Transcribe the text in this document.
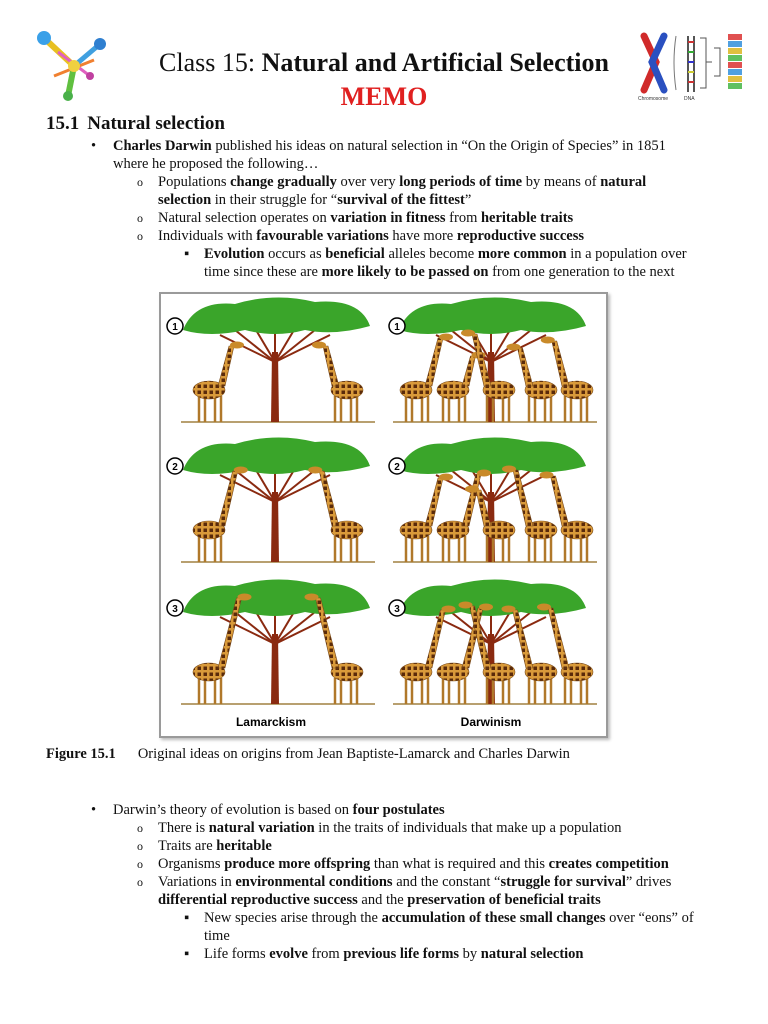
Chromosome	DNA
Class 15: Natural and Artificial Selection
MEMO
15.1 Natural selection
• Charles Darwin published his ideas on natural selection in “On the Origin of Species” in 1851
where he proposed the following…
o Populations change gradually over very long periods of time by means of natural
selection in their struggle for “survival of the fittest”
o Natural selection operates on variation in fitness from heritable traits
o Individuals with favourable variations have more reproductive success
▪ Evolution occurs as beneficial alleles become more common in a population over
time since these are more likely to be passed on from one generation to the next
1	1
2	2
3	3
Lamarckism	Darwinism
Figure 15.1 Original ideas on origins from Jean Baptiste-Lamarck and Charles Darwin
• Darwin’s theory of evolution is based on four postulates
o There is natural variation in the traits of individuals that make up a population
o Traits are heritable
o Organisms produce more offspring than what is required and this creates competition
o Variations in environmental conditions and the constant “struggle for survival” drives
differential reproductive success and the preservation of beneficial traits
▪ New species arise through the accumulation of these small changes over “eons” of
time
▪ Life forms evolve from previous life forms by natural selection
